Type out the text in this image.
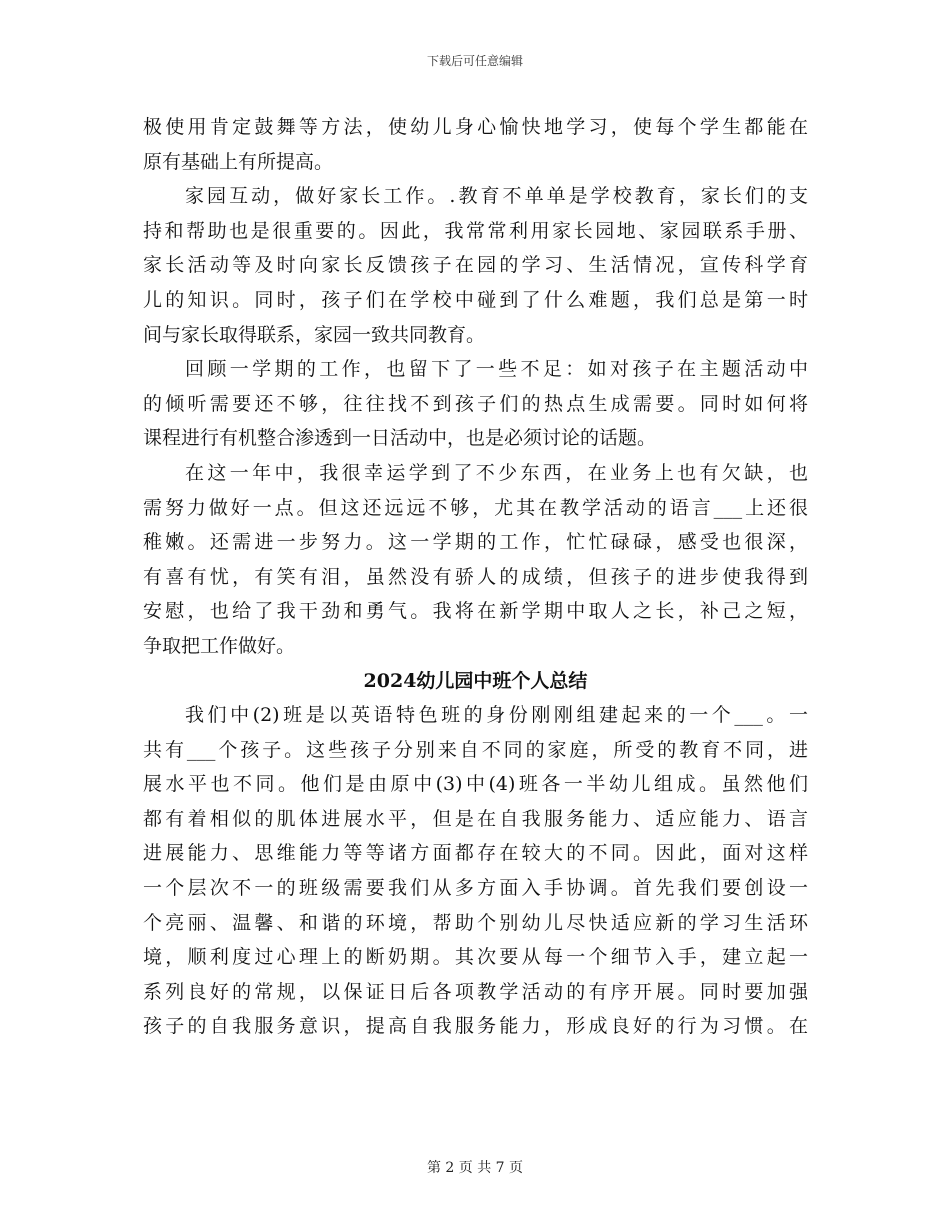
下载后可任意编辑
极使用肯定鼓舞等方法，使幼儿身心愉快地学习，使每个学生都能在
原有基础上有所提高。
家园互动，做好家长工作。.教育不单单是学校教育，家长们的支
持和帮助也是很重要的。因此，我常常利用家长园地、家园联系手册、
家长活动等及时向家长反馈孩子在园的学习、生活情况，宣传科学育
儿的知识。同时，孩子们在学校中碰到了什么难题，我们总是第一时
间与家长取得联系，家园一致共同教育。
回顾一学期的工作，也留下了一些不足：如对孩子在主题活动中
的倾听需要还不够，往往找不到孩子们的热点生成需要。同时如何将
课程进行有机整合渗透到一日活动中，也是必须讨论的话题。
在这一年中，我很幸运学到了不少东西，在业务上也有欠缺，也
需努力做好一点。但这还远远不够，尤其在教学活动的语言___上还很
稚嫩。还需进一步努力。这一学期的工作，忙忙碌碌，感受也很深，
有喜有忧，有笑有泪，虽然没有骄人的成绩，但孩子的进步使我得到
安慰，也给了我干劲和勇气。我将在新学期中取人之长，补己之短，
争取把工作做好。
2024幼儿园中班个人总结
我们中(2)班是以英语特色班的身份刚刚组建起来的一个___。一
共有___个孩子。这些孩子分别来自不同的家庭，所受的教育不同，进
展水平也不同。他们是由原中(3)中(4)班各一半幼儿组成。虽然他们
都有着相似的肌体进展水平，但是在自我服务能力、适应能力、语言
进展能力、思维能力等等诸方面都存在较大的不同。因此，面对这样
一个层次不一的班级需要我们从多方面入手协调。首先我们要创设一
个亮丽、温馨、和谐的环境，帮助个别幼儿尽快适应新的学习生活环
境，顺利度过心理上的断奶期。其次要从每一个细节入手，建立起一
系列良好的常规，以保证日后各项教学活动的有序开展。同时要加强
孩子的自我服务意识，提高自我服务能力，形成良好的行为习惯。在
第 2 页 共 7 页
